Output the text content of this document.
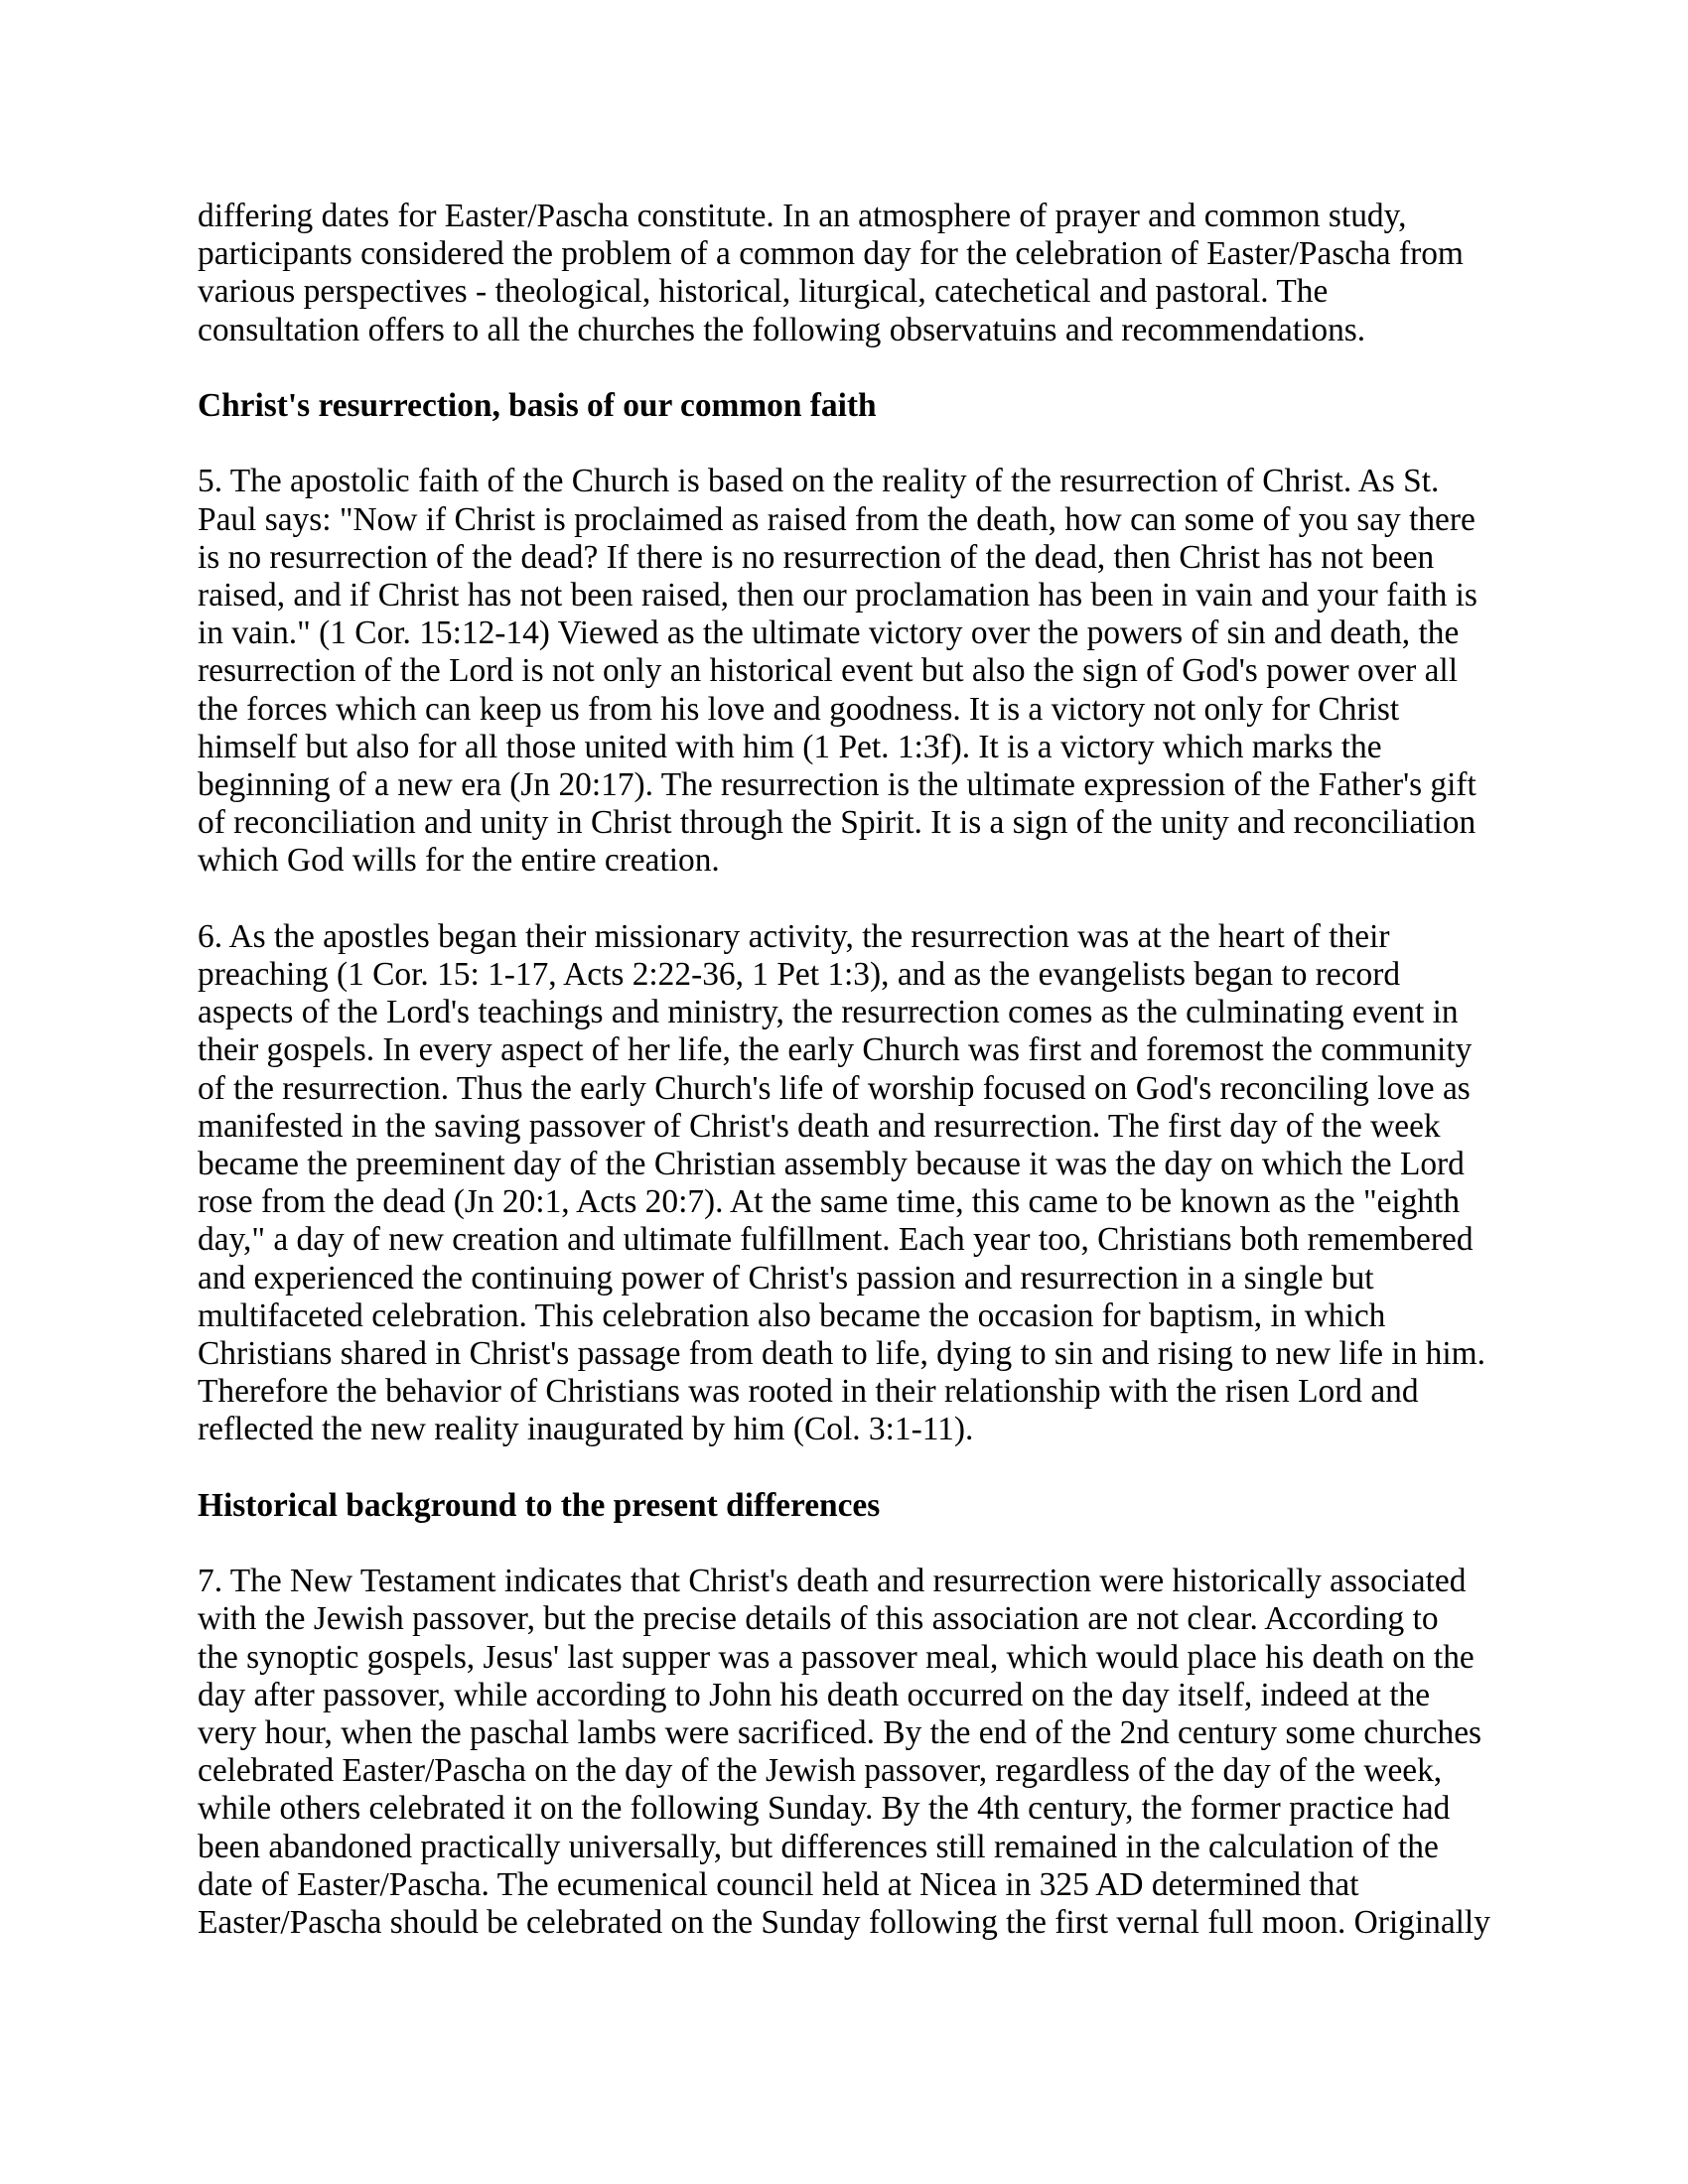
differing dates for Easter/Pascha constitute. In an atmosphere of prayer and common study,
participants considered the problem of a common day for the celebration of Easter/Pascha from
various perspectives - theological, historical, liturgical, catechetical and pastoral. The
consultation offers to all the churches the following observatuins and recommendations.
Christ's resurrection, basis of our common faith
5. The apostolic faith of the Church is based on the reality of the resurrection of Christ. As St.
Paul says: "Now if Christ is proclaimed as raised from the death, how can some of you say there
is no resurrection of the dead? If there is no resurrection of the dead, then Christ has not been
raised, and if Christ has not been raised, then our proclamation has been in vain and your faith is
in vain." (1 Cor. 15:12-14) Viewed as the ultimate victory over the powers of sin and death, the
resurrection of the Lord is not only an historical event but also the sign of God's power over all
the forces which can keep us from his love and goodness. It is a victory not only for Christ
himself but also for all those united with him (1 Pet. 1:3f). It is a victory which marks the
beginning of a new era (Jn 20:17). The resurrection is the ultimate expression of the Father's gift
of reconciliation and unity in Christ through the Spirit. It is a sign of the unity and reconciliation
which God wills for the entire creation.
6. As the apostles began their missionary activity, the resurrection was at the heart of their
preaching (1 Cor. 15: 1-17, Acts 2:22-36, 1 Pet 1:3), and as the evangelists began to record
aspects of the Lord's teachings and ministry, the resurrection comes as the culminating event in
their gospels. In every aspect of her life, the early Church was first and foremost the community
of the resurrection. Thus the early Church's life of worship focused on God's reconciling love as
manifested in the saving passover of Christ's death and resurrection. The first day of the week
became the preeminent day of the Christian assembly because it was the day on which the Lord
rose from the dead (Jn 20:1, Acts 20:7). At the same time, this came to be known as the "eighth
day," a day of new creation and ultimate fulfillment. Each year too, Christians both remembered
and experienced the continuing power of Christ's passion and resurrection in a single but
multifaceted celebration. This celebration also became the occasion for baptism, in which
Christians shared in Christ's passage from death to life, dying to sin and rising to new life in him.
Therefore the behavior of Christians was rooted in their relationship with the risen Lord and
reflected the new reality inaugurated by him (Col. 3:1-11).
Historical background to the present differences
7. The New Testament indicates that Christ's death and resurrection were historically associated
with the Jewish passover, but the precise details of this association are not clear. According to
the synoptic gospels, Jesus' last supper was a passover meal, which would place his death on the
day after passover, while according to John his death occurred on the day itself, indeed at the
very hour, when the paschal lambs were sacrificed. By the end of the 2nd century some churches
celebrated Easter/Pascha on the day of the Jewish passover, regardless of the day of the week,
while others celebrated it on the following Sunday. By the 4th century, the former practice had
been abandoned practically universally, but differences still remained in the calculation of the
date of Easter/Pascha. The ecumenical council held at Nicea in 325 AD determined that
Easter/Pascha should be celebrated on the Sunday following the first vernal full moon. Originally
